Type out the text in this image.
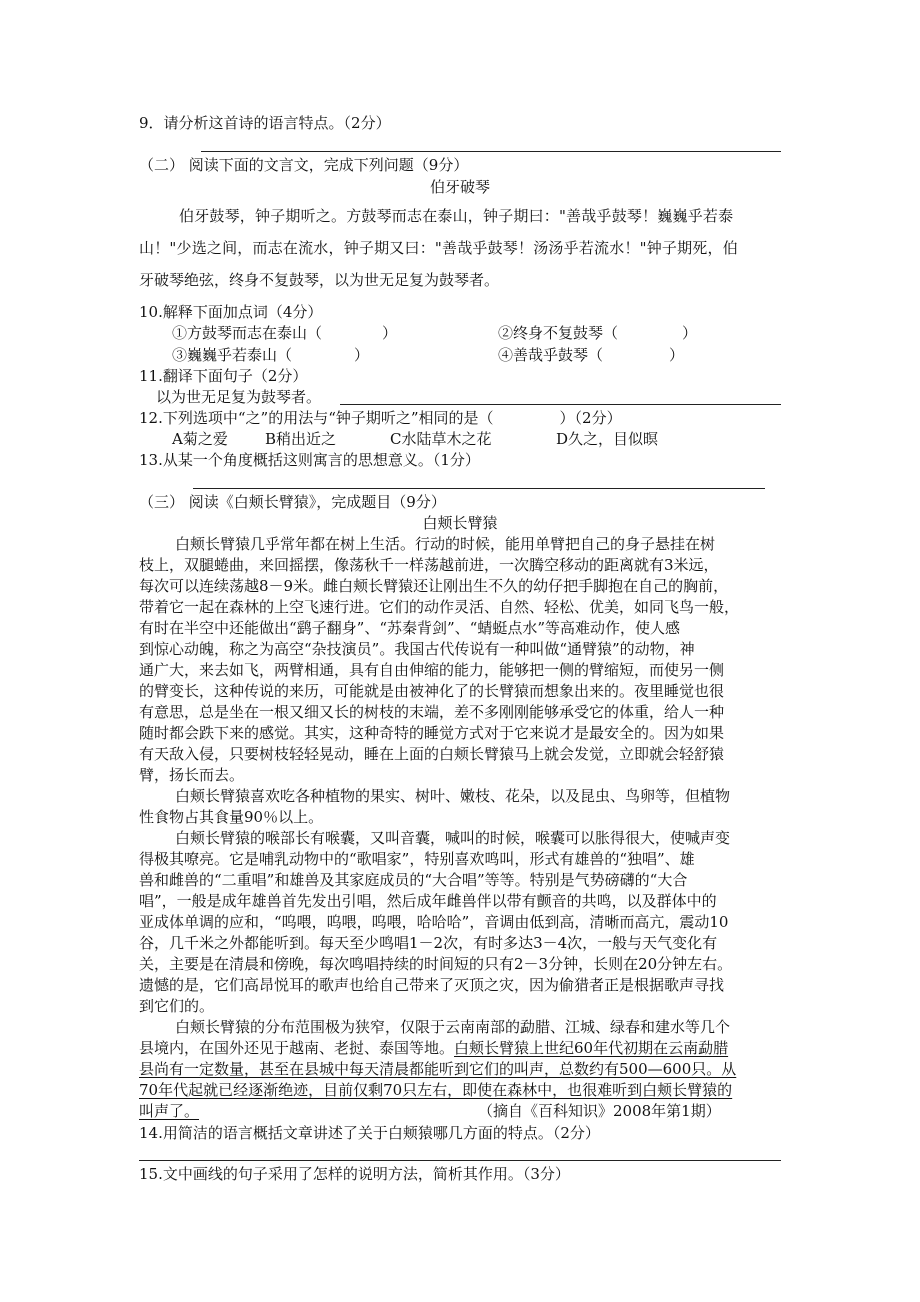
9．请分析这首诗的语言特点。（2分）
（二） 阅读下面的文言文，完成下列问题（9分）
伯牙破琴
伯牙鼓琴，钟子期听之。方鼓琴而志在泰山，钟子期曰："善哉乎鼓琴！巍巍乎若泰
山！"少选之间，而志在流水，钟子期又曰："善哉乎鼓琴！汤汤乎若流水！"钟子期死，伯
牙破琴绝弦，终身不复鼓琴，以为世无足复为鼓琴者。
10.解释下面加点词（4分）
①方鼓琴而志在泰山（	）	②终身不复鼓琴（	）
③巍巍乎若泰山（	）	④善哉乎鼓琴（	）
11.翻译下面句子（2分）
以为世无足复为鼓琴者。
12.下列选项中“之”的用法与“钟子期听之”相同的是（	）（2分）
A菊之爱 B稍出近之	C水陆草木之花	D久之，目似暝
13.从某一个角度概括这则寓言的思想意义。（1分）
（三） 阅读《白颊长臂猿》，完成题目（9分）
白颊长臂猿
白颊长臂猿几乎常年都在树上生活。行动的时候，能用单臂把自己的身子悬挂在树
枝上，双腿蜷曲，来回摇摆，像荡秋千一样荡越前进，一次腾空移动的距离就有3米远，
每次可以连续荡越8－9米。雌白颊长臂猿还让刚出生不久的幼仔把手脚抱在自己的胸前，
带着它一起在森林的上空飞速行进。它们的动作灵活、自然、轻松、优美，如同飞鸟一般，
有时在半空中还能做出“鹞子翻身”、“苏秦背剑”、“蜻蜓点水”等高难动作，使人感
到惊心动魄，称之为高空“杂技演员”。我国古代传说有一种叫做“通臂猿”的动物，神
通广大，来去如飞，两臂相通，具有自由伸缩的能力，能够把一侧的臂缩短，而使另一侧
的臂变长，这种传说的来历，可能就是由被神化了的长臂猿而想象出来的。夜里睡觉也很
有意思，总是坐在一根又细又长的树枝的末端，差不多刚刚能够承受它的体重，给人一种
随时都会跌下来的感觉。其实，这种奇特的睡觉方式对于它来说才是最安全的。因为如果
有天敌入侵，只要树枝轻轻晃动，睡在上面的白颊长臂猿马上就会发觉，立即就会轻舒猿
臂，扬长而去。
白颊长臂猿喜欢吃各种植物的果实、树叶、嫩枝、花朵，以及昆虫、鸟卵等，但植物
性食物占其食量90％以上。
白颊长臂猿的喉部长有喉囊，又叫音囊，喊叫的时候，喉囊可以胀得很大，使喊声变
得极其嘹亮。它是哺乳动物中的“歌唱家”，特别喜欢鸣叫，形式有雄兽的“独唱”、雄
兽和雌兽的“二重唱”和雄兽及其家庭成员的“大合唱”等等。特别是气势磅礴的“大合
唱”，一般是成年雄兽首先发出引唱，然后成年雌兽伴以带有颤音的共鸣，以及群体中的
亚成体单调的应和，“呜喂，呜喂，呜喂，哈哈哈”，音调由低到高，清晰而高亢，震动10
谷，几千米之外都能听到。每天至少鸣唱1－2次，有时多达3－4次，一般与天气变化有
关，主要是在清晨和傍晚，每次鸣唱持续的时间短的只有2－3分钟，长则在20分钟左右。
遗憾的是，它们高昂悦耳的歌声也给自己带来了灭顶之灾，因为偷猎者正是根据歌声寻找
到它们的。
白颊长臂猿的分布范围极为狭窄，仅限于云南南部的勐腊、江城、绿春和建水等几个
县境内，在国外还见于越南、老挝、泰国等地。白颊长臂猿上世纪60年代初期在云南勐腊
县尚有一定数量，甚至在县城中每天清晨都能听到它们的叫声，总数约有500—600只。从
70年代起就已经逐渐绝迹，目前仅剩70只左右，即使在森林中，也很难听到白颊长臂猿的
叫声了。	（摘自《百科知识》2008年第1期）
14.用简洁的语言概括文章讲述了关于白颊猿哪几方面的特点。（2分）
15.文中画线的句子采用了怎样的说明方法，简析其作用。（3分）
